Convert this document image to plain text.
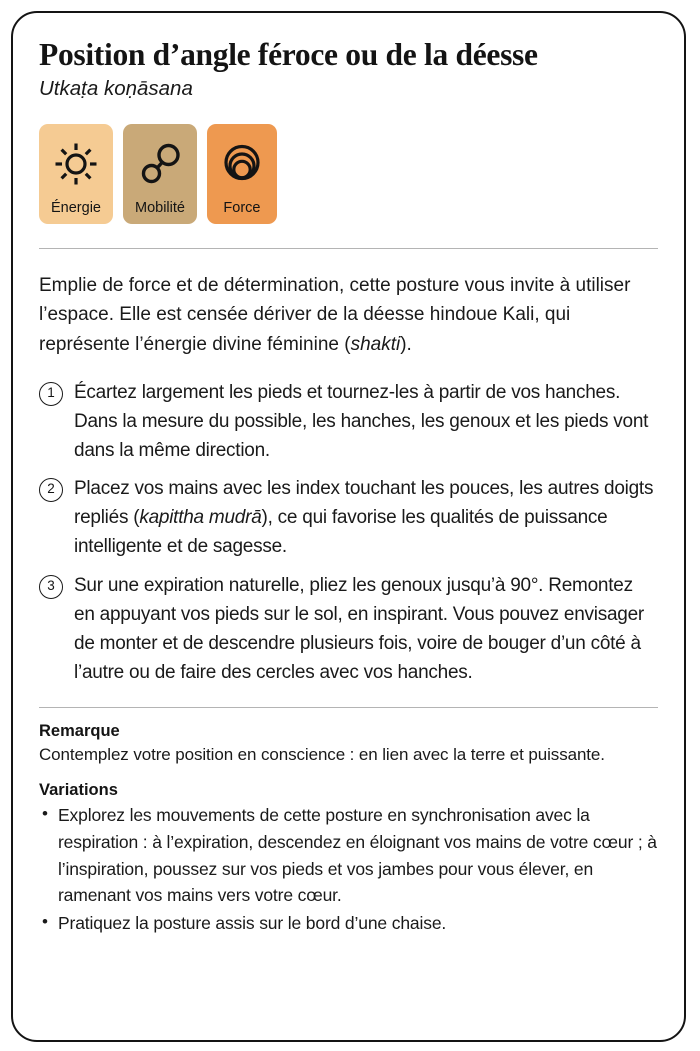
Position d’angle féroce ou de la déesse
Utkaṭa koṇāsana
Énergie Mobilité	Force

Emplie de force et de détermination, cette posture vous invite à utiliser l’espace. Elle est censée dériver de la déesse hindoue Kali, qui représente l’énergie divine féminine (shakti).

1	Écartez largement les pieds et tournez-les à partir de vos hanches. Dans la mesure du possible, les hanches, les genoux et les pieds vont dans la même direction.
2	Placez vos mains avec les index touchant les pouces, les autres doigts repliés (kapittha mudrā), ce qui favorise les qualités de puissance intelligente et de sagesse.
3	Sur une expiration naturelle, pliez les genoux jusqu’à 90°. Remontez en appuyant vos pieds sur le sol, en inspirant. Vous pouvez envisager de monter et de descendre plusieurs fois, voire de bouger d’un côté à l’autre ou de faire des cercles avec vos hanches.
Remarque
Contemplez votre position en conscience : en lien avec la terre et puissante.
Variations
• Explorez les mouvements de cette posture en synchronisation avec la respiration : à l’expiration, descendez en éloignant vos mains de votre cœur ; à l’inspiration, poussez sur vos pieds et vos jambes pour vous élever, en ramenant vos mains vers votre cœur.
• Pratiquez la posture assis sur le bord d’une chaise.
